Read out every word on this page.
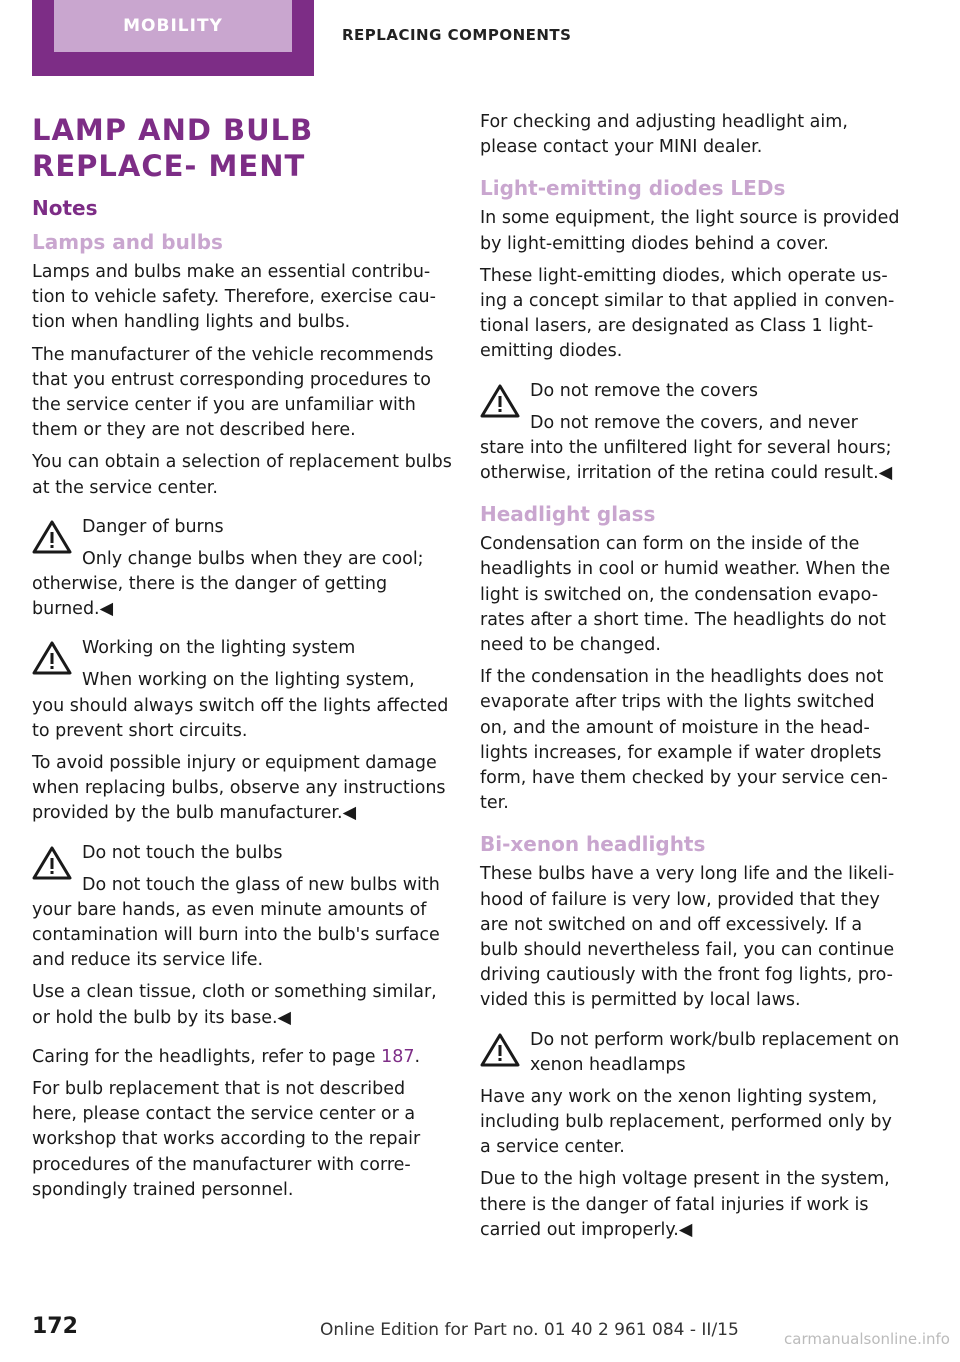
MOBILITY	REPLACING COMPONENTS
LAMP AND BULB REPLACE- MENT
Notes
Lamps and bulbs

Lamps and bulbs make an essential contribu- tion to vehicle safety. Therefore, exercise cau- tion when handling lights and bulbs.

The manufacturer of the vehicle recommends that you entrust corresponding procedures to the service center if you are unfamiliar with them or they are not described here.

You can obtain a selection of replacement bulbs at the service center.

Danger of burns

Only change bulbs when they are cool; otherwise, there is the danger of getting burned.◀

Working on the lighting system

When working on the lighting system, you should always switch off the lights affected to prevent short circuits.

To avoid possible injury or equipment damage when replacing bulbs, observe any instructions provided by the bulb manufacturer.◀

Do not touch the bulbs

Do not touch the glass of new bulbs with your bare hands, as even minute amounts of contamination will burn into the bulb's surface and reduce its service life.

Use a clean tissue, cloth or something similar, or hold the bulb by its base.◀

Caring for the headlights, refer to page 187.

For bulb replacement that is not described here, please contact the service center or a workshop that works according to the repair procedures of the manufacturer with corre- spondingly trained personnel.

For checking and adjusting headlight aim, please contact your MINI dealer.

Light-emitting diodes LEDs

In some equipment, the light source is provided by light-emitting diodes behind a cover.

These light-emitting diodes, which operate us- ing a concept similar to that applied in conven- tional lasers, are designated as Class 1 light- emitting diodes.

Do not remove the covers

Do not remove the covers, and never stare into the unfiltered light for several hours; otherwise, irritation of the retina could result.◀

Headlight glass

Condensation can form on the inside of the headlights in cool or humid weather. When the light is switched on, the condensation evapo- rates after a short time. The headlights do not need to be changed.

If the condensation in the headlights does not evaporate after trips with the lights switched on, and the amount of moisture in the head- lights increases, for example if water droplets form, have them checked by your service cen- ter.

Bi-xenon headlights

These bulbs have a very long life and the likeli- hood of failure is very low, provided that they are not switched on and off excessively. If a bulb should nevertheless fail, you can continue driving cautiously with the front fog lights, pro- vided this is permitted by local laws.

Do not perform work/bulb replacement on xenon headlamps

Have any work on the xenon lighting system, including bulb replacement, performed only by a service center.

Due to the high voltage present in the system, there is the danger of fatal injuries if work is carried out improperly.◀

172	Online Edition for Part no. 01 40 2 961 084 - II/15	carmanualsonline.info
